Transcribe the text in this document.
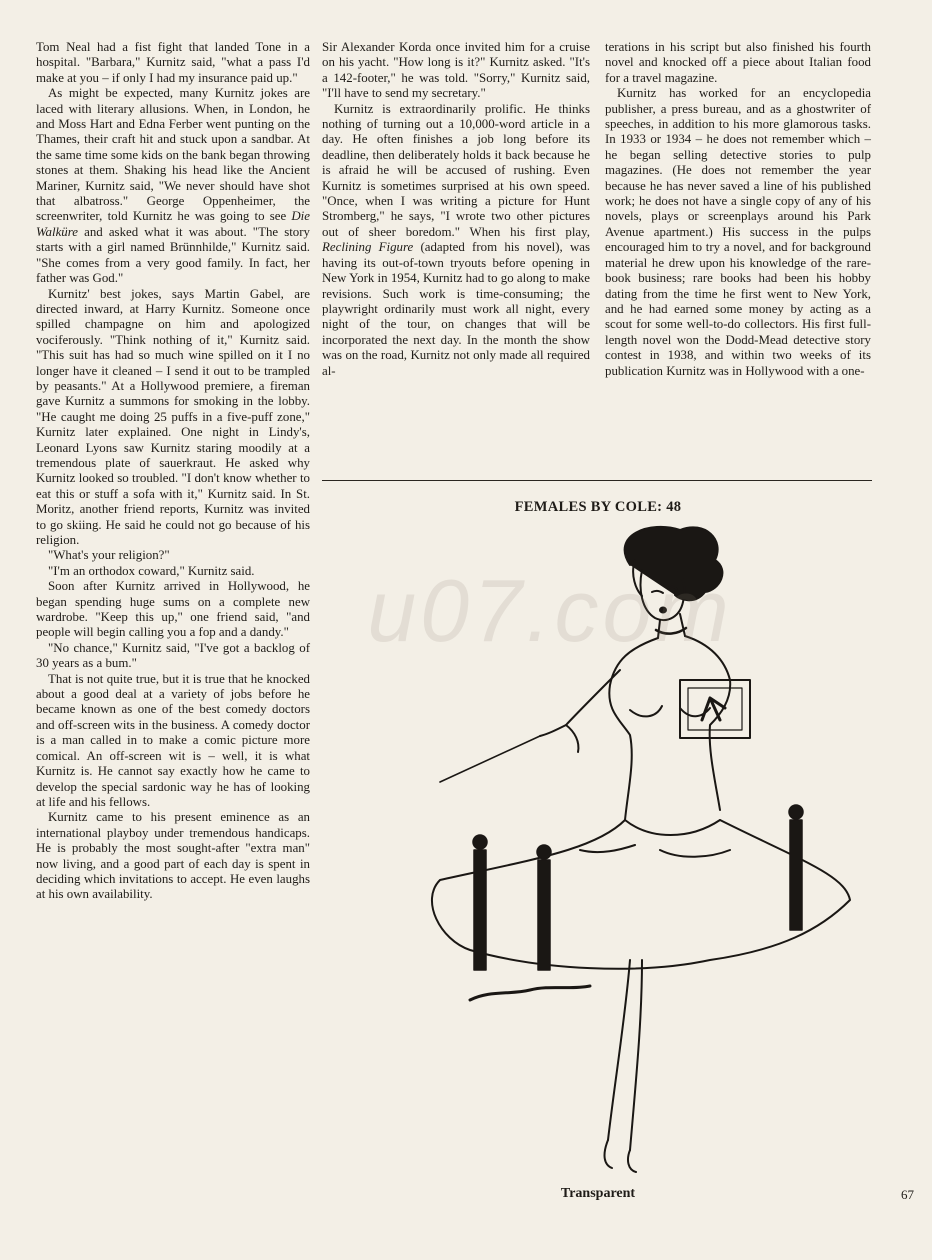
Tom Neal had a fist fight that landed Tone in a hospital. "Barbara," Kurnitz said, "what a pass I'd make at you – if only I had my insurance paid up."

As might be expected, many Kurnitz jokes are laced with literary allusions. When, in London, he and Moss Hart and Edna Ferber went punting on the Thames, their craft hit and stuck upon a sandbar. At the same time some kids on the bank began throwing stones at them. Shaking his head like the Ancient Mariner, Kurnitz said, "We never should have shot that albatross." George Oppenheimer, the screenwriter, told Kurnitz he was going to see Die Walküre and asked what it was about. "The story starts with a girl named Brünnhilde," Kurnitz said. "She comes from a very good family. In fact, her father was God."

Kurnitz' best jokes, says Martin Gabel, are directed inward, at Harry Kurnitz. Someone once spilled champagne on him and apologized vociferously. "Think nothing of it," Kurnitz said. "This suit has had so much wine spilled on it I no longer have it cleaned – I send it out to be trampled by peasants." At a Hollywood premiere, a fireman gave Kurnitz a summons for smoking in the lobby. "He caught me doing 25 puffs in a five-puff zone," Kurnitz later explained. One night in Lindy's, Leonard Lyons saw Kurnitz staring moodily at a tremendous plate of sauerkraut. He asked why Kurnitz looked so troubled. "I don't know whether to eat this or stuff a sofa with it," Kurnitz said. In St. Moritz, another friend reports, Kurnitz was invited to go skiing. He said he could not go because of his religion.

"What's your religion?"

"I'm an orthodox coward," Kurnitz said.

Soon after Kurnitz arrived in Hollywood, he began spending huge sums on a complete new wardrobe. "Keep this up," one friend said, "and people will begin calling you a fop and a dandy."

"No chance," Kurnitz said, "I've got a backlog of 30 years as a bum."

That is not quite true, but it is true that he knocked about a good deal at a variety of jobs before he became known as one of the best comedy doctors and off-screen wits in the business. A comedy doctor is a man called in to make a comic picture more comical. An off-screen wit is – well, it is what Kurnitz is. He cannot say exactly how he came to develop the special sardonic way he has of looking at life and his fellows.

Kurnitz came to his present eminence as an international playboy under tremendous handicaps. He is probably the most sought-after "extra man" now living, and a good part of each day is spent in deciding which invitations to accept. He even laughs at his own availability.

Sir Alexander Korda once invited him for a cruise on his yacht. "How long is it?" Kurnitz asked. "It's a 142-footer," he was told. "Sorry," Kurnitz said, "I'll have to send my secretary."

Kurnitz is extraordinarily prolific. He thinks nothing of turning out a 10,000-word article in a day. He often finishes a job long before its deadline, then deliberately holds it back because he is afraid he will be accused of rushing. Even Kurnitz is sometimes surprised at his own speed. "Once, when I was writing a picture for Hunt Stromberg," he says, "I wrote two other pictures out of sheer boredom." When his first play, Reclining Figure (adapted from his novel), was having its out-of-town tryouts before opening in New York in 1954, Kurnitz had to go along to make revisions. Such work is time-consuming; the playwright ordinarily must work all night, every night of the tour, on changes that will be incorporated the next day. In the month the show was on the road, Kurnitz not only made all required al-

terations in his script but also finished his fourth novel and knocked off a piece about Italian food for a travel magazine.

Kurnitz has worked for an encyclopedia publisher, a press bureau, and as a ghostwriter of speeches, in addition to his more glamorous tasks. In 1933 or 1934 – he does not remember which – he began selling detective stories to pulp magazines. (He does not remember the year because he has never saved a line of his published work; he does not have a single copy of any of his novels, plays or screenplays around his Park Avenue apartment.) His success in the pulps encouraged him to try a novel, and for background material he drew upon his knowledge of the rare-book business; rare books had been his hobby dating from the time he first went to New York, and he had earned some money by acting as a scout for some well-to-do collectors. His first full-length novel won the Dodd-Mead detective story contest in 1938, and within two weeks of its publication Kurnitz was in Hollywood with a one-

FEMALES BY COLE: 48
Transparent	67
u07.com
